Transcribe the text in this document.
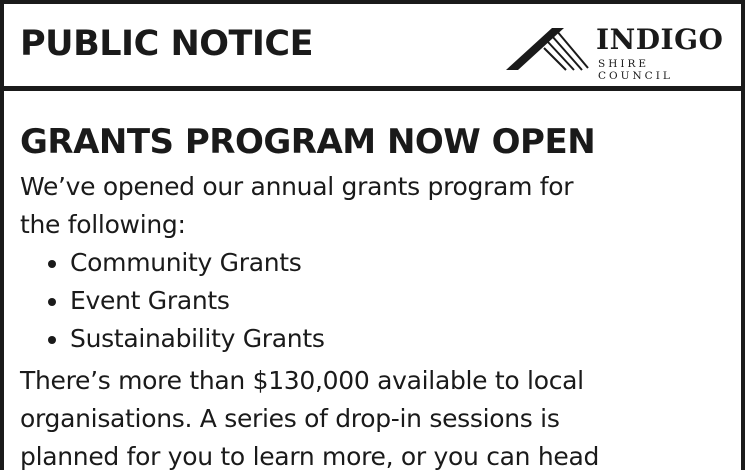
PUBLIC NOTICE	INDIGO
SHIRE COUNCIL
GRANTS PROGRAM NOW OPEN

We’ve opened our annual grants program for
the following:

Community Grants
Event Grants
Sustainability Grants

There’s more than $130,000 available to local
organisations. A series of drop-in sessions is
planned for you to learn more, or you can head
